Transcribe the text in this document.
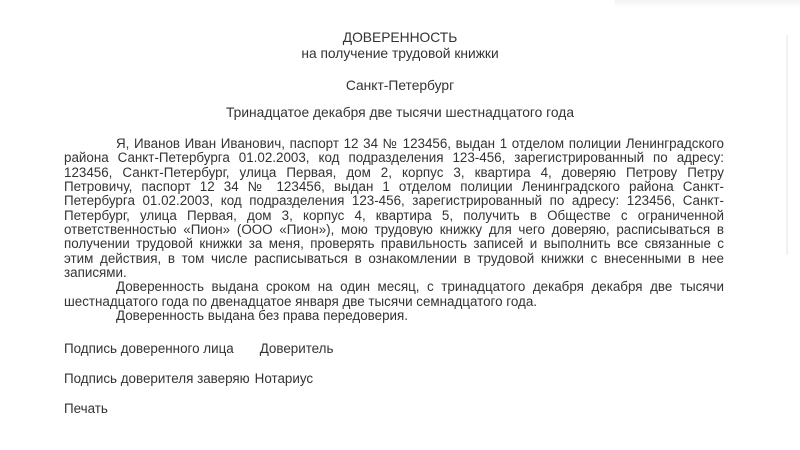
ДОВЕРЕННОСТЬ
на получение трудовой книжки
Санкт-Петербург
Тринадцатое декабря две тысячи шестнадцатого года
Я, Иванов Иван Иванович, паспорт 12 34 № 123456, выдан 1 отделом полиции Ленинградского
района Санкт-Петербурга 01.02.2003, код подразделения 123-456, зарегистрированный по адресу:
123456, Санкт-Петербург, улица Первая, дом 2, корпус 3, квартира 4, доверяю Петрову Петру
Петровичу, паспорт 12 34 № 123456, выдан 1 отделом полиции Ленинградского района Санкт-
Петербурга 01.02.2003, код подразделения 123-456, зарегистрированный по адресу: 123456, Санкт-
Петербург, улица Первая, дом 3, корпус 4, квартира 5, получить в Обществе с ограниченной
ответственностью «Пион» (ООО «Пион»), мою трудовую книжку для чего доверяю, расписываться в
получении трудовой книжки за меня, проверять правильность записей и выполнить все связанные с
этим действия, в том числе расписываться в ознакомлении в трудовой книжки с внесенными в нее
записями.
Доверенность выдана сроком на один месяц, с тринадцатого декабря декабря две тысячи
шестнадцатого года по двенадцатое января две тысячи семнадцатого года.
Доверенность выдана без права передоверия.
Подпись доверенного лица Доверитель
Подпись доверителя заверяю Нотариус
Печать
